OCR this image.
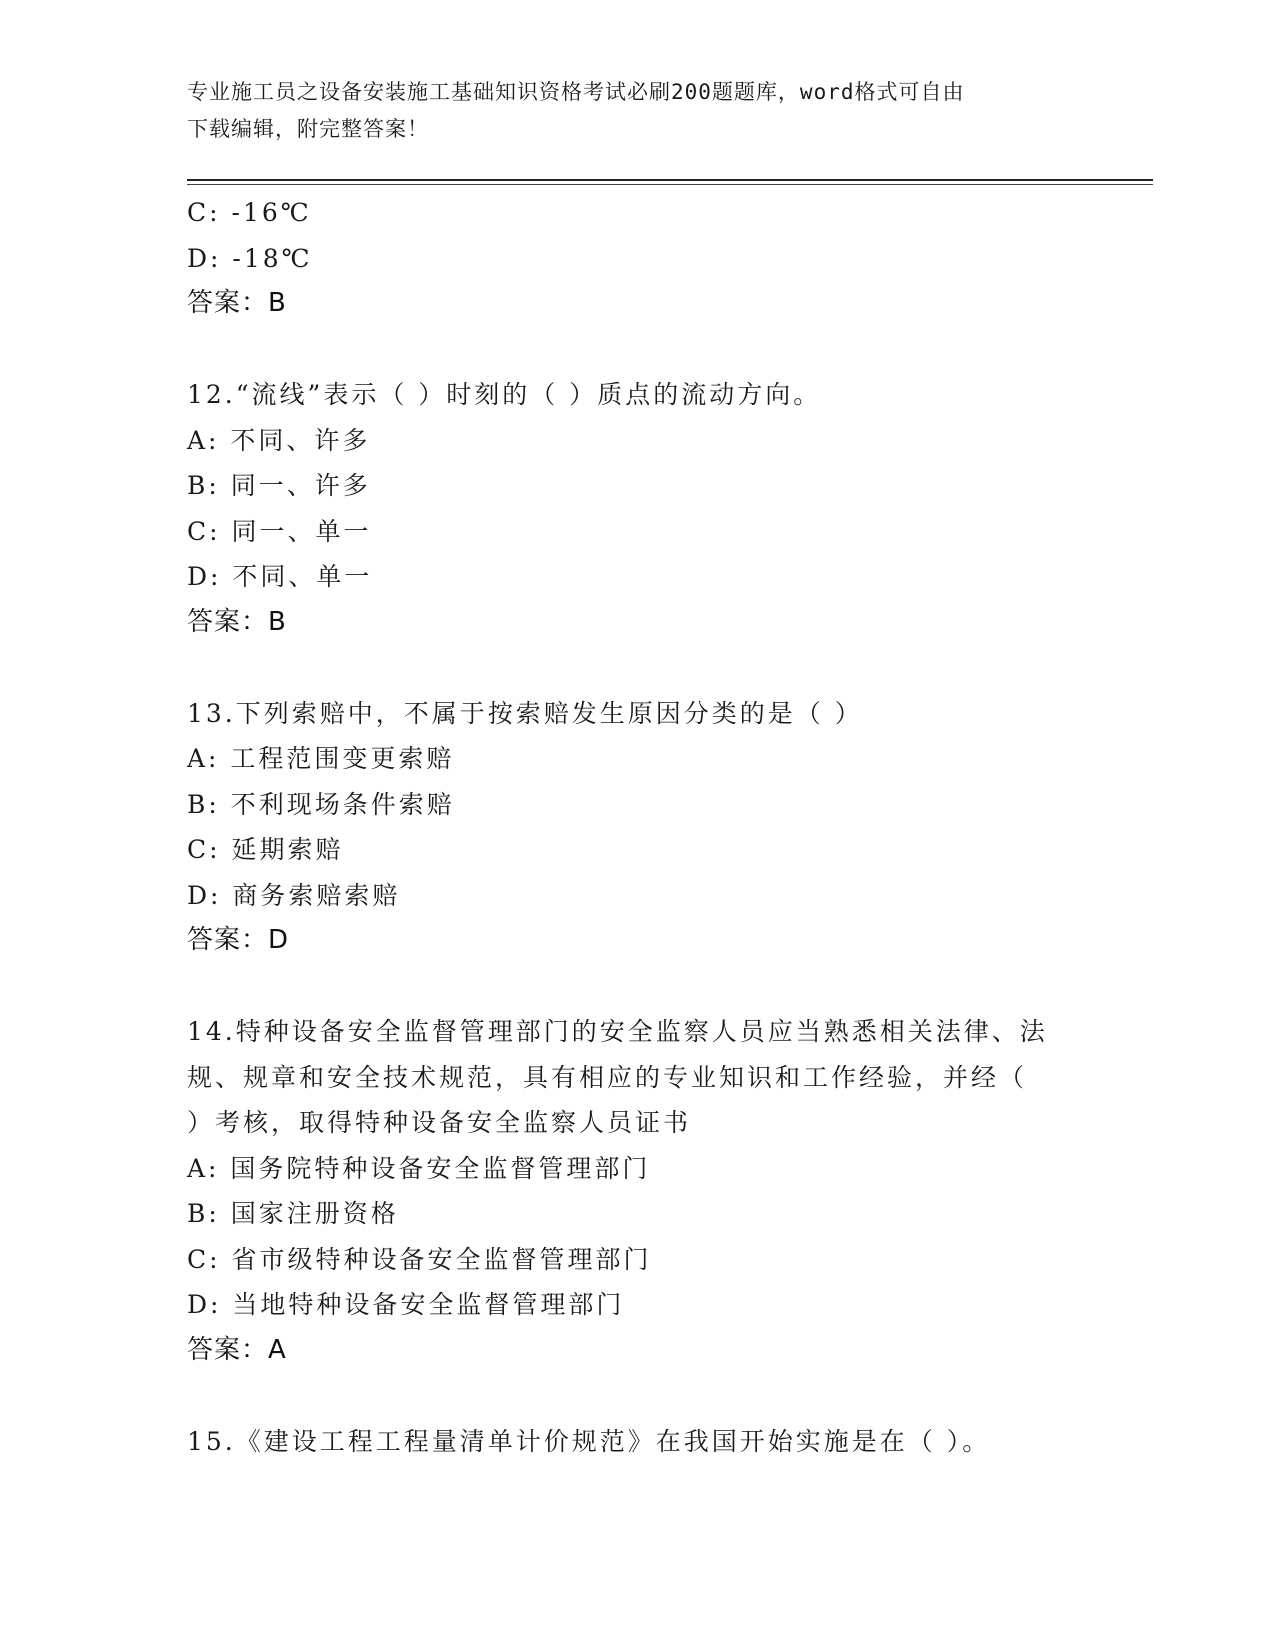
专业施工员之设备安装施工基础知识资格考试必刷200题题库，word格式可自由
下载编辑，附完整答案！
C: -16℃
D: -18℃
答案：B
12.“流线”表示（ ）时刻的（ ）质点的流动方向。
A: 不同、许多
B: 同一、许多
C: 同一、单一
D: 不同、单一
答案：B
13.下列索赔中，不属于按索赔发生原因分类的是（ ）
A: 工程范围变更索赔
B: 不利现场条件索赔
C: 延期索赔
D: 商务索赔索赔
答案：D
14.特种设备安全监督管理部门的安全监察人员应当熟悉相关法律、法
规、规章和安全技术规范，具有相应的专业知识和工作经验，并经（
）考核，取得特种设备安全监察人员证书
A: 国务院特种设备安全监督管理部门
B: 国家注册资格
C: 省市级特种设备安全监督管理部门
D: 当地特种设备安全监督管理部门
答案：A
15.《建设工程工程量清单计价规范》在我国开始实施是在（ ）。
